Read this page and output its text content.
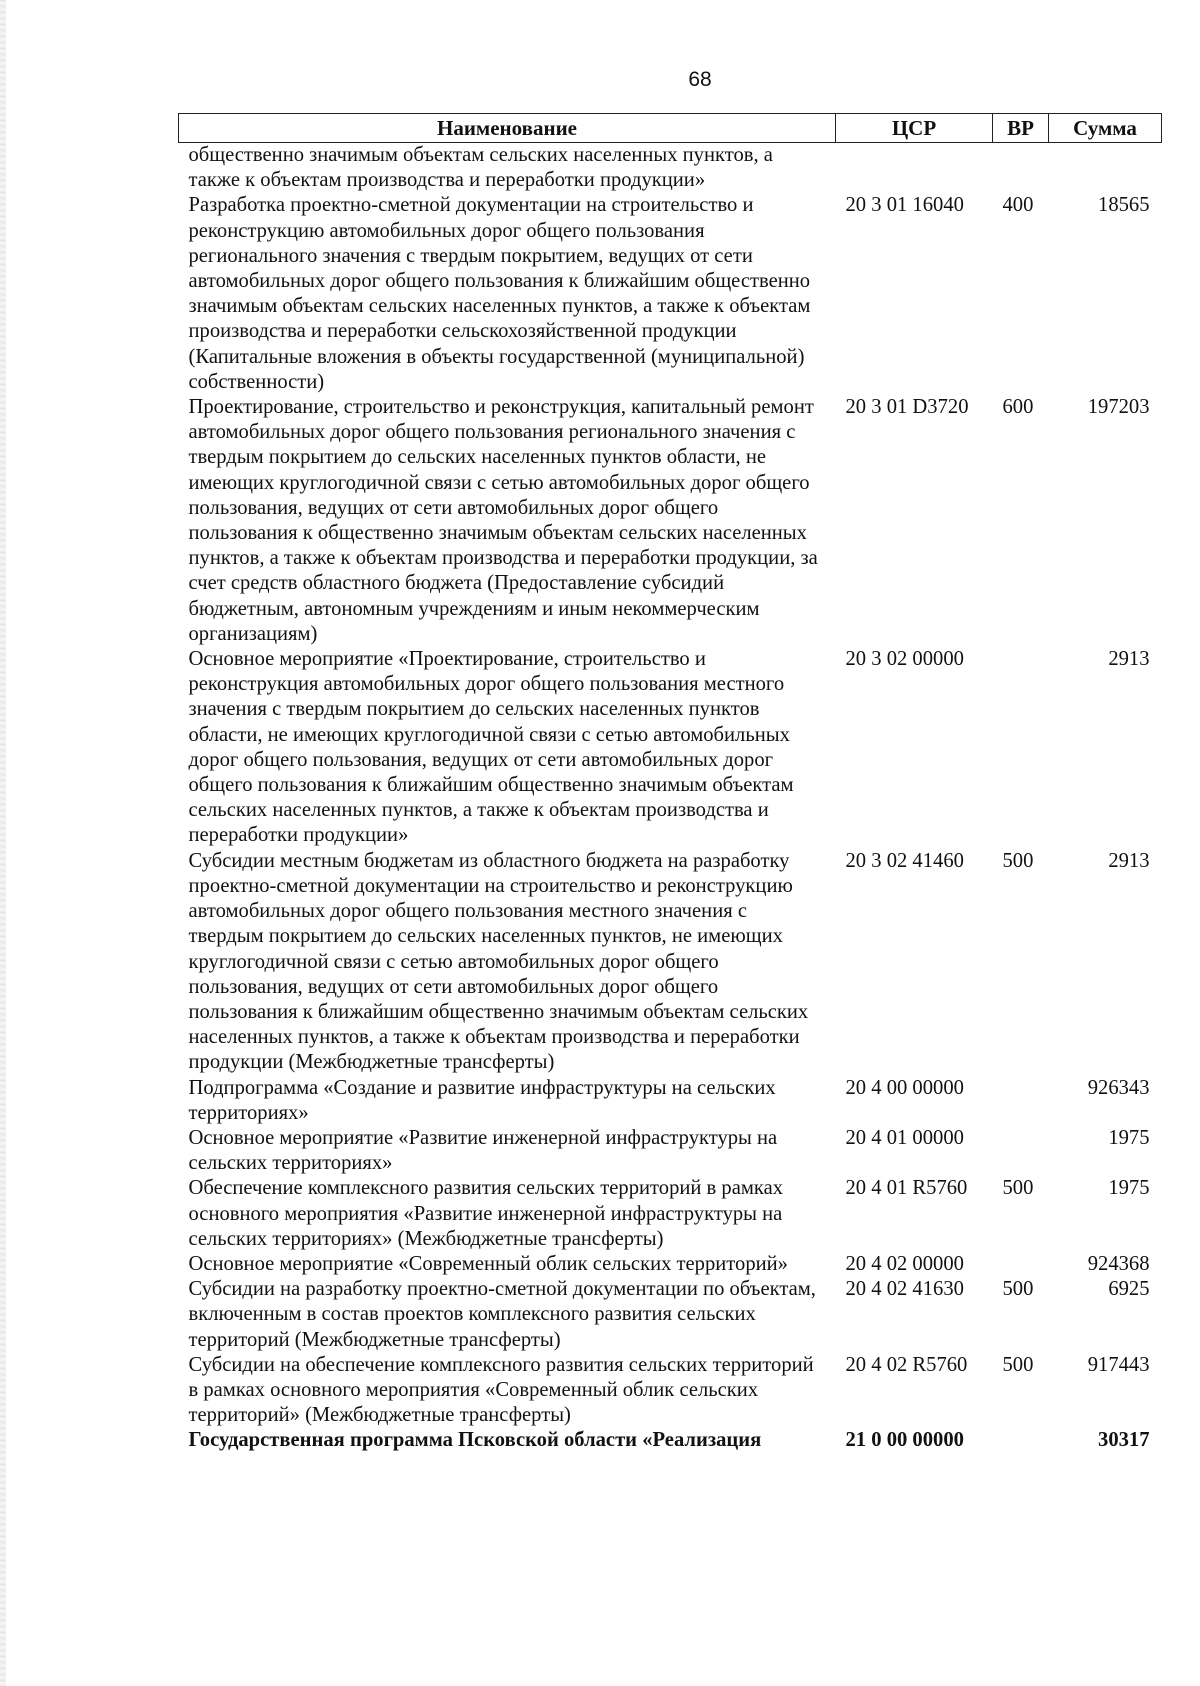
68
Наименование	ЦСР	ВР	Сумма
общественно значимым объектам сельских населенных пунктов, а также к объектам производства и переработки продукции»			
Разработка проектно-сметной документации на строительство и реконструкцию автомобильных дорог общего пользования регионального значения с твердым покрытием, ведущих от сети автомобильных дорог общего пользования к ближайшим общественно значимым объектам сельских населенных пунктов, а также к объектам производства и переработки сельскохозяйственной продукции (Капитальные вложения в объекты государственной (муниципальной) собственности)	20 3 01 16040	400	18565
Проектирование, строительство и реконструкция, капитальный ремонт автомобильных дорог общего пользования регионального значения с твердым покрытием до сельских населенных пунктов области, не имеющих круглогодичной связи с сетью автомобильных дорог общего пользования, ведущих от сети автомобильных дорог общего пользования к общественно значимым объектам сельских населенных пунктов, а также к объектам производства и переработки продукции, за счет средств областного бюджета (Предоставление субсидий бюджетным, автономным учреждениям и иным некоммерческим организациям)	20 3 01 D3720	600	197203
Основное мероприятие «Проектирование, строительство и реконструкция автомобильных дорог общего пользования местного значения с твердым покрытием до сельских населенных пунктов области, не имеющих круглогодичной связи с сетью автомобильных дорог общего пользования, ведущих от сети автомобильных дорог общего пользования к ближайшим общественно значимым объектам сельских населенных пунктов, а также к объектам производства и переработки продукции»	20 3 02 00000		2913
Субсидии местным бюджетам из областного бюджета на разработку проектно-сметной документации на строительство и реконструкцию автомобильных дорог общего пользования местного значения с твердым покрытием до сельских населенных пунктов, не имеющих круглогодичной связи с сетью автомобильных дорог общего пользования, ведущих от сети автомобильных дорог общего пользования к ближайшим общественно значимым объектам сельских населенных пунктов, а также к объектам производства и переработки продукции (Межбюджетные трансферты)	20 3 02 41460	500	2913
Подпрограмма «Создание и развитие инфраструктуры на сельских территориях»	20 4 00 00000		926343
Основное мероприятие «Развитие инженерной инфраструктуры на сельских территориях»	20 4 01 00000		1975
Обеспечение комплексного развития сельских территорий в рамках основного мероприятия «Развитие инженерной инфраструктуры на сельских территориях» (Межбюджетные трансферты)	20 4 01 R5760	500	1975
Основное мероприятие «Современный облик сельских территорий»	20 4 02 00000		924368
Субсидии на разработку проектно-сметной документации по объектам, включенным в состав проектов комплексного развития сельских территорий (Межбюджетные трансферты)	20 4 02 41630	500	6925
Субсидии на обеспечение комплексного развития сельских территорий в рамках основного мероприятия «Современный облик сельских территорий» (Межбюджетные трансферты)	20 4 02 R5760	500	917443
Государственная программа Псковской области «Реализация	21 0 00 00000		30317
